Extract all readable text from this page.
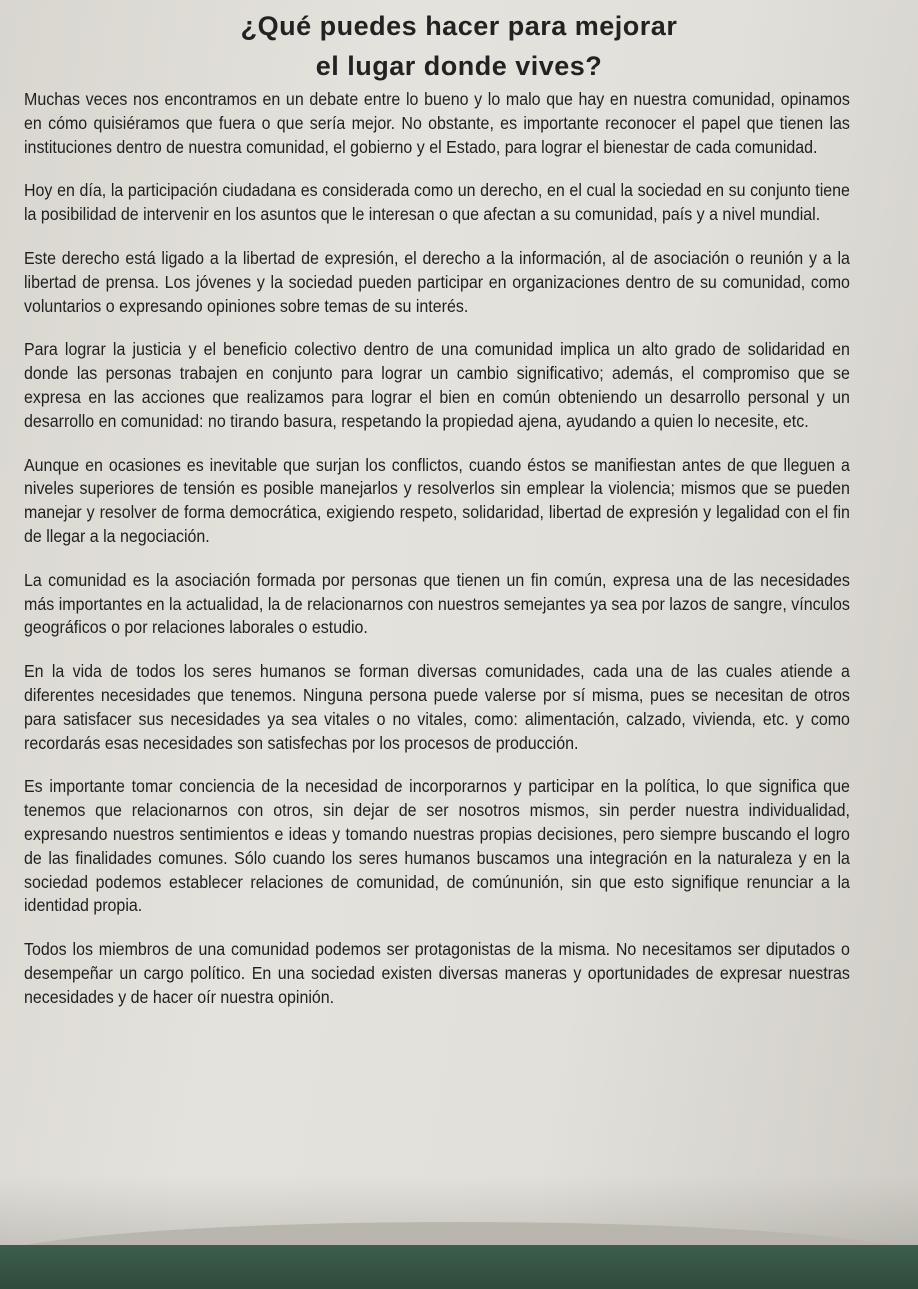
¿Qué puedes hacer para mejorar
el lugar donde vives?

Muchas veces nos encontramos en un debate entre lo bueno y lo malo que hay en nuestra comunidad, opinamos en cómo quisiéramos que fuera o que sería mejor. No obstante, es importante reconocer el papel que tienen las instituciones dentro de nuestra comunidad, el gobierno y el Estado, para lograr el bienestar de cada comunidad.

Hoy en día, la participación ciudadana es considerada como un derecho, en el cual la sociedad en su conjunto tiene la posibilidad de intervenir en los asuntos que le interesan o que afectan a su comunidad, país y a nivel mundial.

Este derecho está ligado a la libertad de expresión, el derecho a la información, al de asociación o reunión y a la libertad de prensa. Los jóvenes y la sociedad pueden participar en organizaciones dentro de su comunidad, como voluntarios o expresando opiniones sobre temas de su interés.

Para lograr la justicia y el beneficio colectivo dentro de una comunidad implica un alto grado de solidaridad en donde las personas trabajen en conjunto para lograr un cambio significativo; además, el compromiso que se expresa en las acciones que realizamos para lograr el bien en común obteniendo un desarrollo personal y un desarrollo en comunidad: no tirando basura, respetando la propiedad ajena, ayudando a quien lo necesite, etc.

Aunque en ocasiones es inevitable que surjan los conflictos, cuando éstos se manifiestan antes de que lleguen a niveles superiores de tensión es posible manejarlos y resolverlos sin emplear la violencia; mismos que se pueden manejar y resolver de forma democrática, exigiendo respeto, solidaridad, libertad de expresión y legalidad con el fin de llegar a la negociación.

La comunidad es la asociación formada por personas que tienen un fin común, expresa una de las necesidades más importantes en la actualidad, la de relacionarnos con nuestros semejantes ya sea por lazos de sangre, vínculos geográficos o por relaciones laborales o estudio.

En la vida de todos los seres humanos se forman diversas comunidades, cada una de las cuales atiende a diferentes necesidades que tenemos. Ninguna persona puede valerse por sí misma, pues se necesitan de otros para satisfacer sus necesidades ya sea vitales o no vitales, como: alimentación, calzado, vivienda, etc. y como recordarás esas necesidades son satisfechas por los procesos de producción.

Es importante tomar conciencia de la necesidad de incorporarnos y participar en la política, lo que significa que tenemos que relacionarnos con otros, sin dejar de ser nosotros mismos, sin perder nuestra individualidad, expresando nuestros sentimientos e ideas y tomando nuestras propias decisiones, pero siempre buscando el logro de las finalidades comunes. Sólo cuando los seres humanos buscamos una integración en la naturaleza y en la sociedad podemos establecer relaciones de comunidad, de comúnunión, sin que esto signifique renunciar a la identidad propia.

Todos los miembros de una comunidad podemos ser protagonistas de la misma. No necesitamos ser diputados o desempeñar un cargo político. En una sociedad existen diversas maneras y oportunidades de expresar nuestras necesidades y de hacer oír nuestra opinión.
